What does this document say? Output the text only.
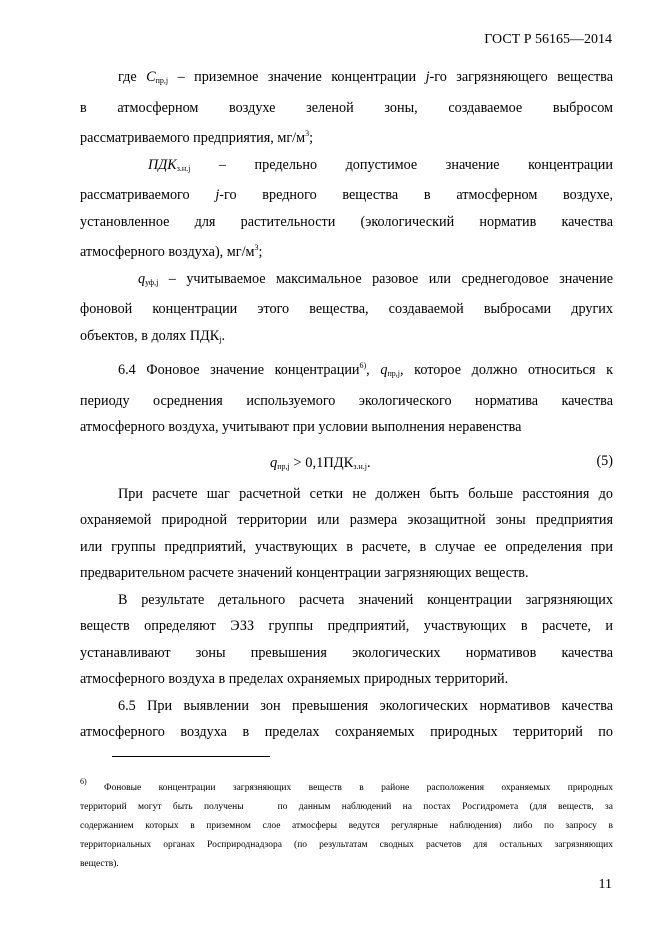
ГОСТ Р 56165—2014

где $C_{пр,j}$ – приземное значение концентрации j-го загрязняющего вещества

в атмосферном воздухе зеленой зоны, создаваемое выбросом

рассматриваемого предприятия, $мг/м^3$;

$ПДК_{з.н.j}$ – предельно допустимое значение концентрации

рассматриваемого j-го вредного вещества в атмосферном воздухе,

установленное для растительности (экологический норматив качества

атмосферного воздуха), $мг/м^3$;

$q_{уф,j}$ – учитываемое максимальное разовое или среднегодовое значение

фоновой концентрации этого вещества, создаваемой выбросами других

объектов, в долях $ПДК_j$.

6.4 Фоновое значение концентрации$^{6)}$, $q_{пр,j}$, которое должно относиться к

периоду осреднения используемого экологического норматива качества

атмосферного воздуха, учитывают при условии выполнения неравенства

$q_{пр,j} > 0,1ПДК_{з.н.j}$.	(5)

При расчете шаг расчетной сетки не должен быть больше расстояния до

охраняемой природной территории или размера экозащитной зоны предприятия

или группы предприятий, участвующих в расчете, в случае ее определения при

предварительном расчете значений концентрации загрязняющих веществ.

В результате детального расчета значений концентрации загрязняющих

веществ определяют ЭЗЗ группы предприятий, участвующих в расчете, и

устанавливают зоны превышения экологических нормативов качества

атмосферного воздуха в пределах охраняемых природных территорий.

6.5 При выявлении зон превышения экологических нормативов качества

атмосферного воздуха в пределах сохраняемых природных территорий по

$^{6)}$ Фоновые концентрации загрязняющих веществ в районе расположения охраняемых природных
территорий могут быть получены	по данным наблюдений на постах Росгидромета (для веществ, за
содержанием которых в приземном слое атмосферы ведутся регулярные наблюдения) либо по запросу в
территориальных органах Росприроднадзора (по результатам сводных расчетов для остальных загрязняющих
веществ).
11
